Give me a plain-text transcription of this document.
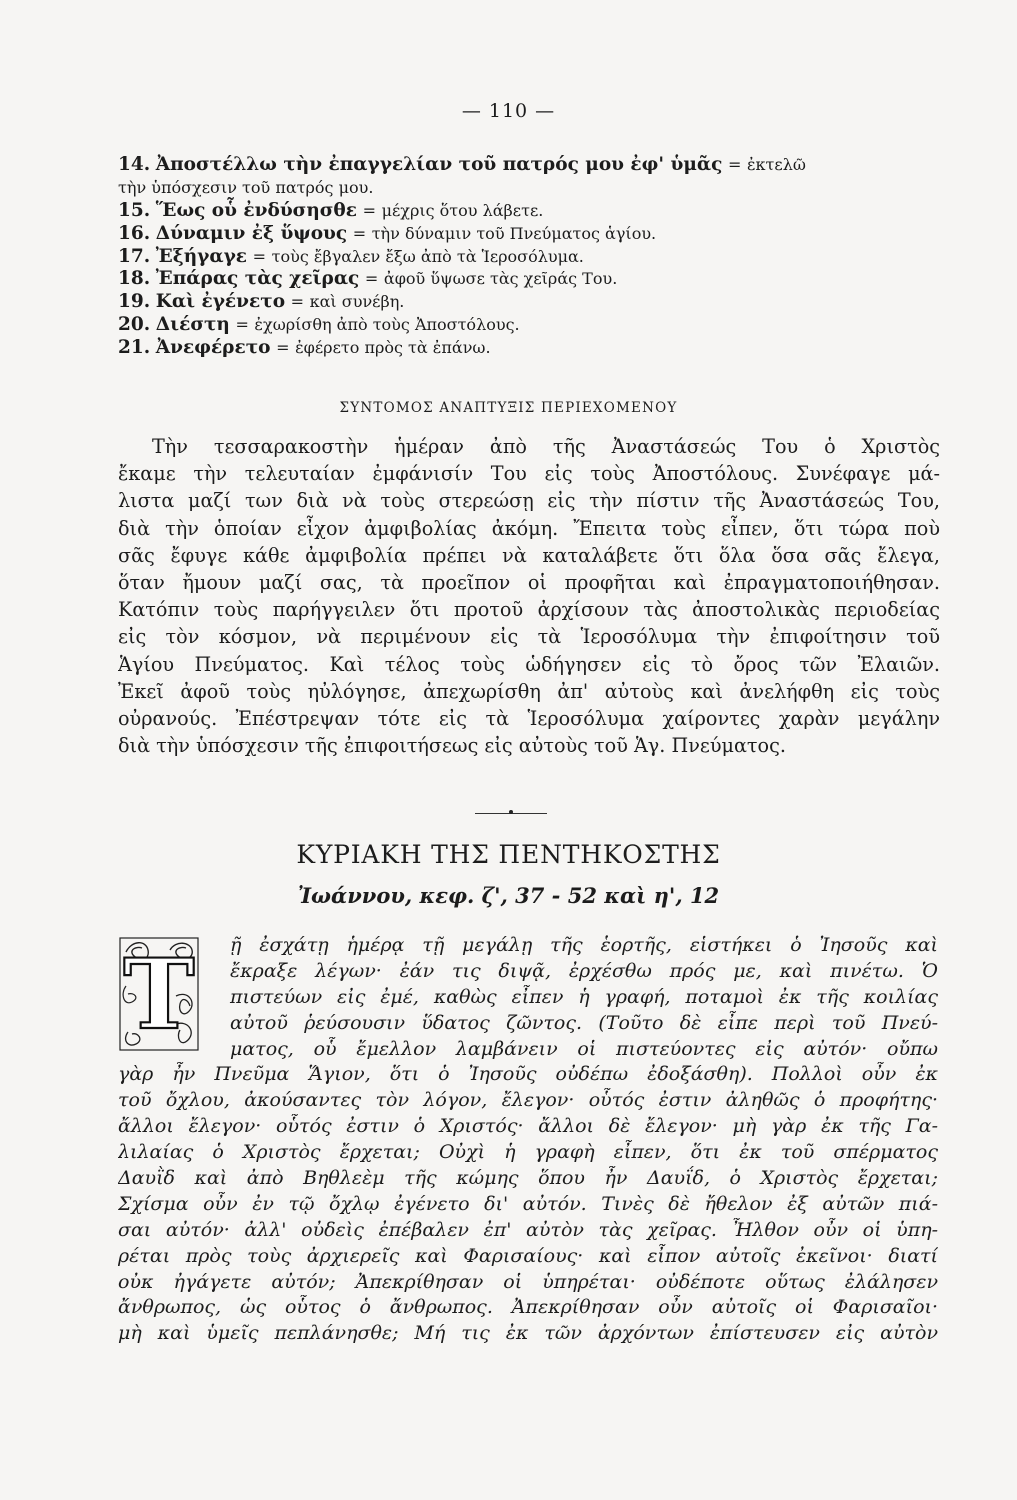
— 110 —
14. Ἀποστέλλω τὴν ἐπαγγελίαν τοῦ πατρός μου ἐφ' ὑμᾶς = ἐκτελῶ
τὴν ὑπόσχεσιν τοῦ πατρός μου.
15. Ἕως οὗ ἐνδύσησθε = μέχρις ὅτου λάβετε.
16. Δύναμιν ἐξ ὕψους = τὴν δύναμιν τοῦ Πνεύματος ἁγίου.
17. Ἐξήγαγε = τοὺς ἔβγαλεν ἔξω ἀπὸ τὰ Ἱεροσόλυμα.
18. Ἐπάρας τὰς χεῖρας = ἀφοῦ ὕψωσε τὰς χεῖράς Του.
19. Καὶ ἐγένετο = καὶ συνέβη.
20. Διέστη = ἐχωρίσθη ἀπὸ τοὺς Ἀποστόλους.
21. Ἀνεφέρετο = ἐφέρετο πρὸς τὰ ἐπάνω.
ΣΥΝΤΟΜΟΣ ΑΝΑΠΤΥΞΙΣ ΠΕΡΙΕΧΟΜΕΝΟΥ
Τὴν τεσσαρακοστὴν ἡμέραν ἀπὸ τῆς Ἀναστάσεώς Του ὁ Χριστὸς
ἔκαμε τὴν τελευταίαν ἐμφάνισίν Του εἰς τοὺς Ἀποστόλους. Συνέφαγε μά-
λιστα μαζί των διὰ νὰ τοὺς στερεώσῃ εἰς τὴν πίστιν τῆς Ἀναστάσεώς Του,
διὰ τὴν ὁποίαν εἶχον ἀμφιβολίας ἀκόμη. Ἔπειτα τοὺς εἶπεν, ὅτι τώρα ποὺ
σᾶς ἔφυγε κάθε ἀμφιβολία πρέπει νὰ καταλάβετε ὅτι ὅλα ὅσα σᾶς ἔλεγα,
ὅταν ἤμουν μαζί σας, τὰ προεῖπον οἱ προφῆται καὶ ἐπραγματοποιήθησαν.
Κατόπιν τοὺς παρήγγειλεν ὅτι προτοῦ ἀρχίσουν τὰς ἀποστολικὰς περιοδείας
εἰς τὸν κόσμον, νὰ περιμένουν εἰς τὰ Ἱεροσόλυμα τὴν ἐπιφοίτησιν τοῦ
Ἁγίου Πνεύματος. Καὶ τέλος τοὺς ὡδήγησεν εἰς τὸ ὄρος τῶν Ἐλαιῶν.
Ἐκεῖ ἀφοῦ τοὺς ηὐλόγησε, ἀπεχωρίσθη ἀπ' αὐτοὺς καὶ ἀνελήφθη εἰς τοὺς
οὐρανούς. Ἐπέστρεψαν τότε εἰς τὰ Ἱεροσόλυμα χαίροντες χαρὰν μεγάλην
διὰ τὴν ὑπόσχεσιν τῆς ἐπιφοιτήσεως εἰς αὐτοὺς τοῦ Ἁγ. Πνεύματος.
ΚΥΡΙΑΚΗ ΤΗΣ ΠΕΝΤΗΚΟΣΤΗΣ
Ἰωάννου, κεφ. ζ', 37 - 52 καὶ η', 12
Τ	ῇ ἐσχάτῃ ἡμέρᾳ τῇ μεγάλῃ τῆς ἑορτῆς, εἱστήκει ὁ Ἰησοῦς καὶ
ἔκραξε λέγων· ἐάν τις διψᾷ, ἐρχέσθω πρός με, καὶ πινέτω. Ὁ
πιστεύων εἰς ἐμέ, καθὼς εἶπεν ἡ γραφή, ποταμοὶ ἐκ τῆς κοιλίας
αὐτοῦ ῥεύσουσιν ὕδατος ζῶντος. (Τοῦτο δὲ εἶπε περὶ τοῦ Πνεύ-
ματος, οὗ ἔμελλον λαμβάνειν οἱ πιστεύοντες εἰς αὐτόν· οὔπω
γὰρ ἦν Πνεῦμα Ἅγιον, ὅτι ὁ Ἰησοῦς οὐδέπω ἐδοξάσθη). Πολλοὶ οὖν ἐκ
τοῦ ὄχλου, ἀκούσαντες τὸν λόγον, ἔλεγον· οὗτός ἐστιν ἀληθῶς ὁ προφήτης·
ἄλλοι ἔλεγον· οὗτός ἐστιν ὁ Χριστός· ἄλλοι δὲ ἔλεγον· μὴ γὰρ ἐκ τῆς Γα-
λιλαίας ὁ Χριστὸς ἔρχεται; Οὐχὶ ἡ γραφὴ εἶπεν, ὅτι ἐκ τοῦ σπέρματος
Δαυῒδ καὶ ἀπὸ Βηθλεὲμ τῆς κώμης ὅπου ἦν Δαυΐδ, ὁ Χριστὸς ἔρχεται;
Σχίσμα οὖν ἐν τῷ ὄχλῳ ἐγένετο δι' αὐτόν. Τινὲς δὲ ἤθελον ἐξ αὐτῶν πιά-
σαι αὐτόν· ἀλλ' οὐδεὶς ἐπέβαλεν ἐπ' αὐτὸν τὰς χεῖρας. Ἦλθον οὖν οἱ ὑπη-
ρέται πρὸς τοὺς ἀρχιερεῖς καὶ Φαρισαίους· καὶ εἶπον αὐτοῖς ἐκεῖνοι· διατί
οὐκ ἠγάγετε αὐτόν; Ἀπεκρίθησαν οἱ ὑπηρέται· οὐδέποτε οὕτως ἐλάλησεν
ἄνθρωπος, ὡς οὗτος ὁ ἄνθρωπος. Ἀπεκρίθησαν οὖν αὐτοῖς οἱ Φαρισαῖοι·
μὴ καὶ ὑμεῖς πεπλάνησθε; Μή τις ἐκ τῶν ἀρχόντων ἐπίστευσεν εἰς αὐτὸν
